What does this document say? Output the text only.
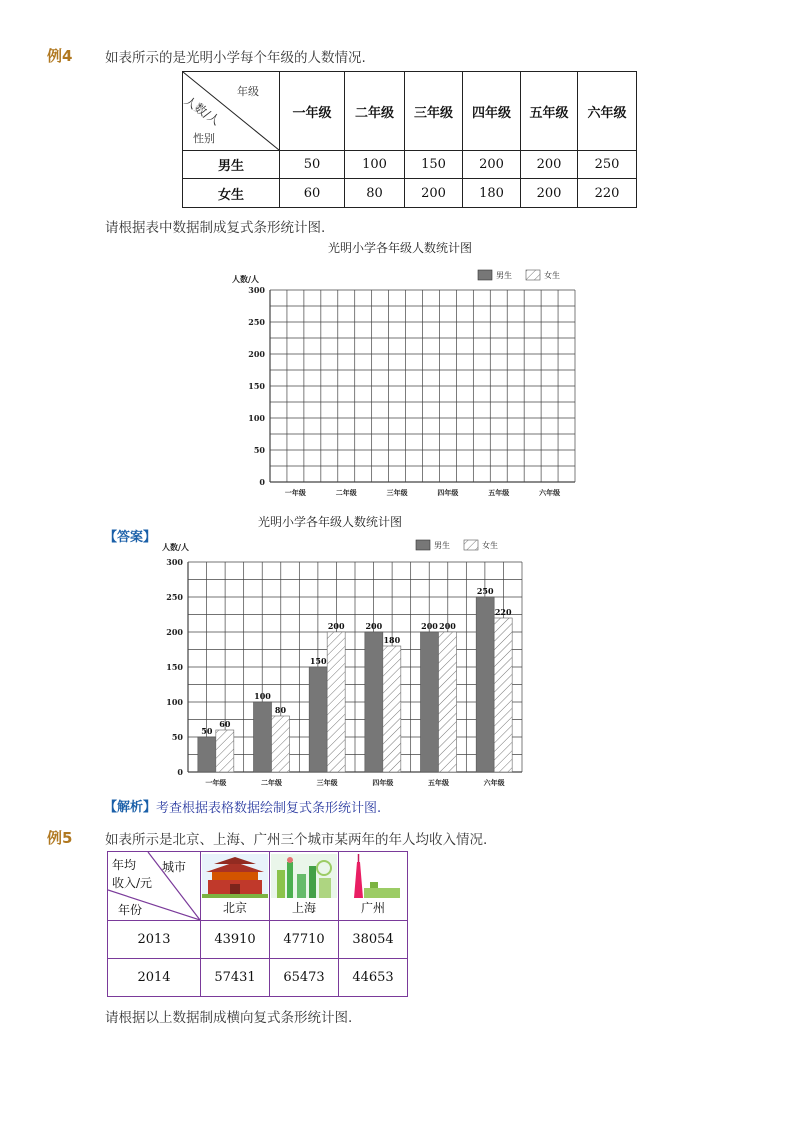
例4 如表所示的是光明小学每个年级的人数情况.
年级
人数/人
性别	一年级	二年级	三年级	四年级	五年级	六年级
男生	50	100	150	200	200	250
女生	60	80	200	180	200	220
请根据表中数据制成复式条形统计图.
光明小学各年级人数统计图
人数/人	男生	女生
0
50
100
150
200
250
300
一年级	二年级	三年级	四年级	五年级	六年级
【答案】
光明小学各年级人数统计图
人数/人	男生	女生
0
50
100
150
200
250
300
一年级	二年级	三年级	四年级	五年级	六年级
50
60
100
80
150
200	200
180
200 200
250
220
【解析】 考查根据表格数据绘制复式条形统计图.
例5 如表所示是北京、上海、广州三个城市某两年的年人均收入情况.
城市
年均
收入/元
年份	北京	上海	广州

2013	43910	47710	38054
2014	57431	65473	44653
请根据以上数据制成横向复式条形统计图.
